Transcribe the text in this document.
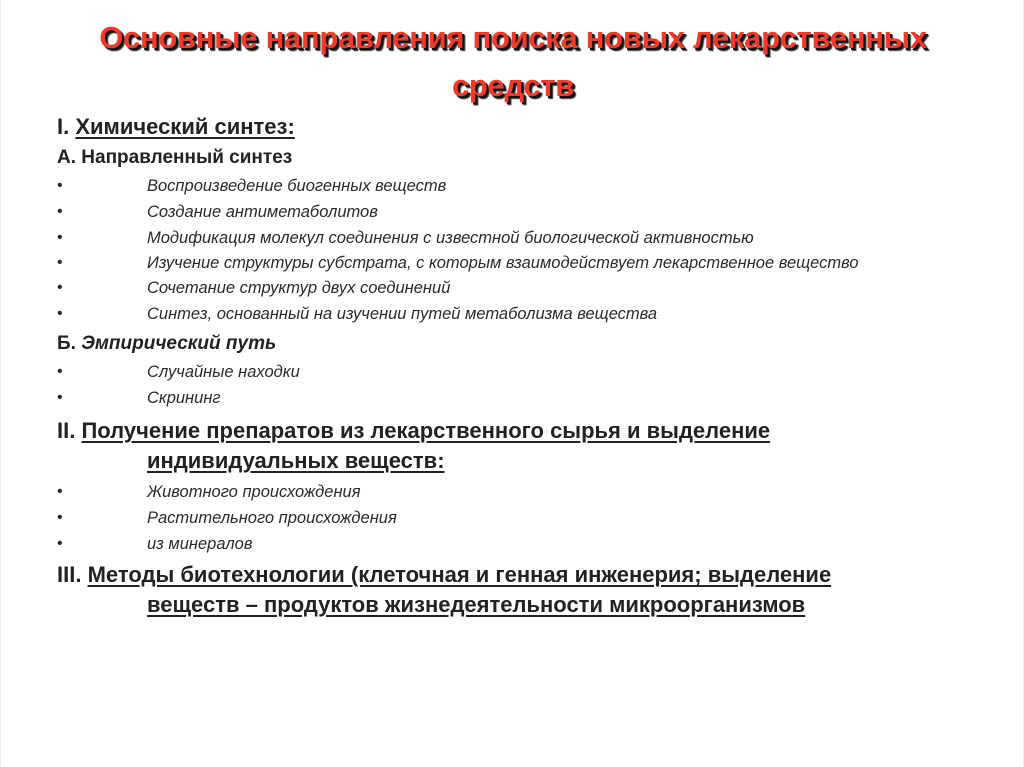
Основные направления поиска новых лекарственных
средств
I. Химический синтез:
А. Направленный синтез
•	Воспроизведение биогенных веществ
•	Создание антиметаболитов
•	Модификация молекул соединения с известной биологической активностью
•	Изучение структуры субстрата, с которым взаимодействует лекарственное вещество
•	Сочетание структур двух соединений
•	Синтез, основанный на изучении путей метаболизма вещества
Б. Эмпирический путь
•	Случайные находки
•	Скрининг
II. Получение препаратов из лекарственного сырья и выделение
индивидуальных веществ:
•	Животного происхождения
•	Растительного происхождения
•	из минералов
III. Методы биотехнологии (клеточная и генная инженерия; выделение
веществ – продуктов жизнедеятельности микроорганизмов
